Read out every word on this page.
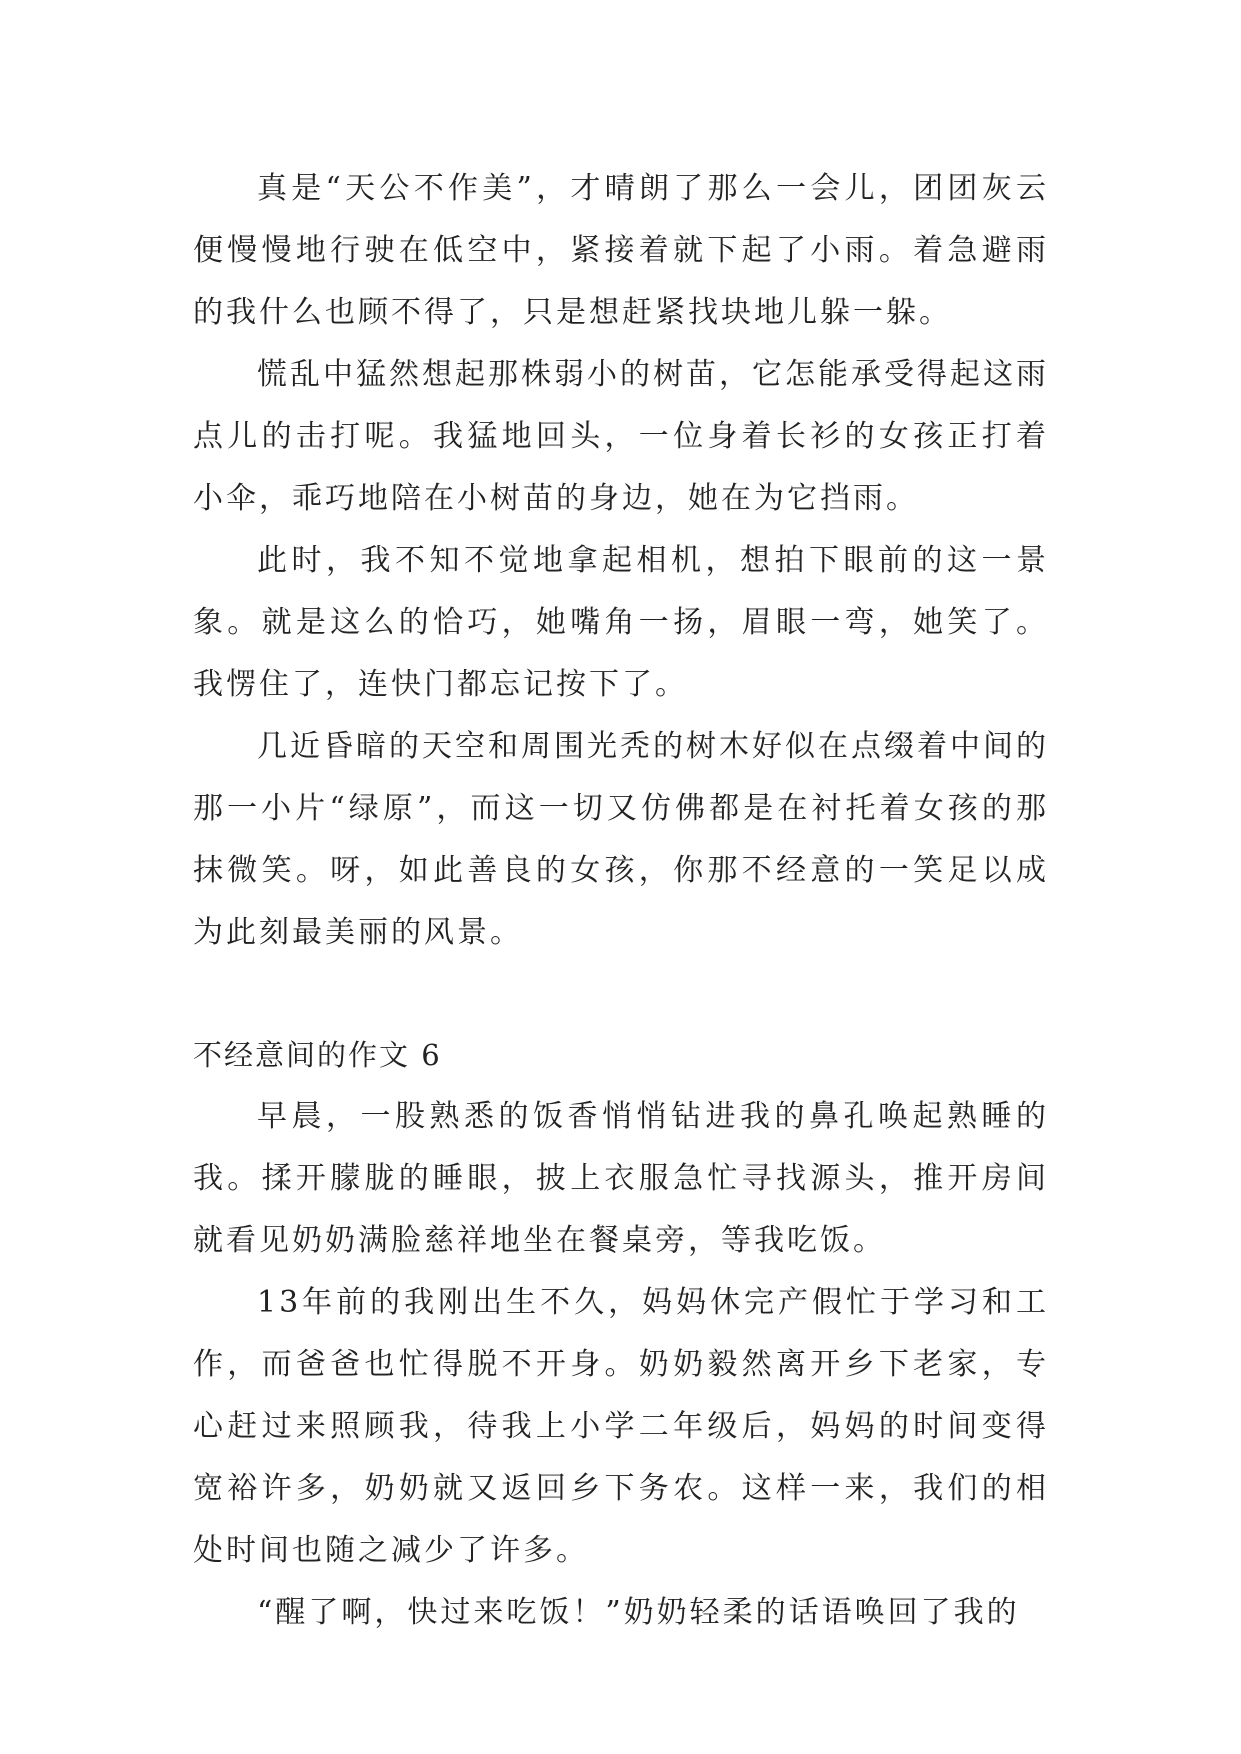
真是“天公不作美”，才晴朗了那么一会儿，团团灰云便慢慢地行驶在低空中，紧接着就下起了小雨。着急避雨的我什么也顾不得了，只是想赶紧找块地儿躲一躲。

慌乱中猛然想起那株弱小的树苗，它怎能承受得起这雨点儿的击打呢。我猛地回头，一位身着长衫的女孩正打着小伞，乖巧地陪在小树苗的身边，她在为它挡雨。

此时，我不知不觉地拿起相机，想拍下眼前的这一景象。就是这么的恰巧，她嘴角一扬，眉眼一弯，她笑了。我愣住了，连快门都忘记按下了。

几近昏暗的天空和周围光秃的树木好似在点缀着中间的那一小片“绿原”，而这一切又仿佛都是在衬托着女孩的那抹微笑。呀，如此善良的女孩，你那不经意的一笑足以成为此刻最美丽的风景。

不经意间的作文 6

早晨，一股熟悉的饭香悄悄钻进我的鼻孔唤起熟睡的我。揉开朦胧的睡眼，披上衣服急忙寻找源头，推开房间就看见奶奶满脸慈祥地坐在餐桌旁，等我吃饭。

13年前的我刚出生不久，妈妈休完产假忙于学习和工作，而爸爸也忙得脱不开身。奶奶毅然离开乡下老家，专心赶过来照顾我，待我上小学二年级后，妈妈的时间变得宽裕许多，奶奶就又返回乡下务农。这样一来，我们的相处时间也随之减少了许多。

“醒了啊，快过来吃饭！”奶奶轻柔的话语唤回了我的
